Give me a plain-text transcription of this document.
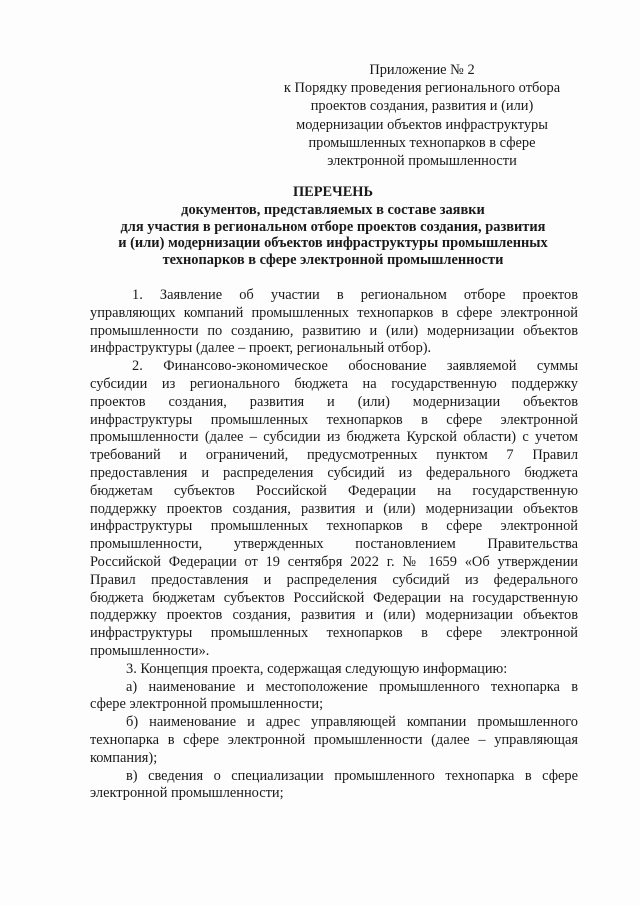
Приложение № 2
к Порядку проведения регионального отбора
проектов создания, развития и (или)
модернизации объектов инфраструктуры
промышленных технопарков в сфере
электронной промышленности
ПЕРЕЧЕНЬ
документов, представляемых в составе заявки
для участия в региональном отборе проектов создания, развития
и (или) модернизации объектов инфраструктуры промышленных
технопарков в сфере электронной промышленности
1. Заявление об участии в региональном отборе проектов
управляющих компаний промышленных технопарков в сфере электронной
промышленности по созданию, развитию и (или) модернизации объектов
инфраструктуры (далее – проект, региональный отбор).
2. Финансово-экономическое обоснование заявляемой суммы
субсидии из регионального бюджета на государственную поддержку
проектов создания, развития и (или) модернизации объектов
инфраструктуры промышленных технопарков в сфере электронной
промышленности (далее – субсидии из бюджета Курской области) с учетом
требований и ограничений, предусмотренных пунктом 7 Правил
предоставления и распределения субсидий из федерального бюджета
бюджетам субъектов Российской Федерации на государственную
поддержку проектов создания, развития и (или) модернизации объектов
инфраструктуры промышленных технопарков в сфере электронной
промышленности, утвержденных постановлением Правительства
Российской Федерации от 19 сентября 2022 г. № 1659 «Об утверждении
Правил предоставления и распределения субсидий из федерального
бюджета бюджетам субъектов Российской Федерации на государственную
поддержку проектов создания, развития и (или) модернизации объектов
инфраструктуры промышленных технопарков в сфере электронной
промышленности».
3. Концепция проекта, содержащая следующую информацию:
а) наименование и местоположение промышленного технопарка в
сфере электронной промышленности;
б) наименование и адрес управляющей компании промышленного
технопарка в сфере электронной промышленности (далее – управляющая
компания);
в) сведения о специализации промышленного технопарка в сфере
электронной промышленности;
